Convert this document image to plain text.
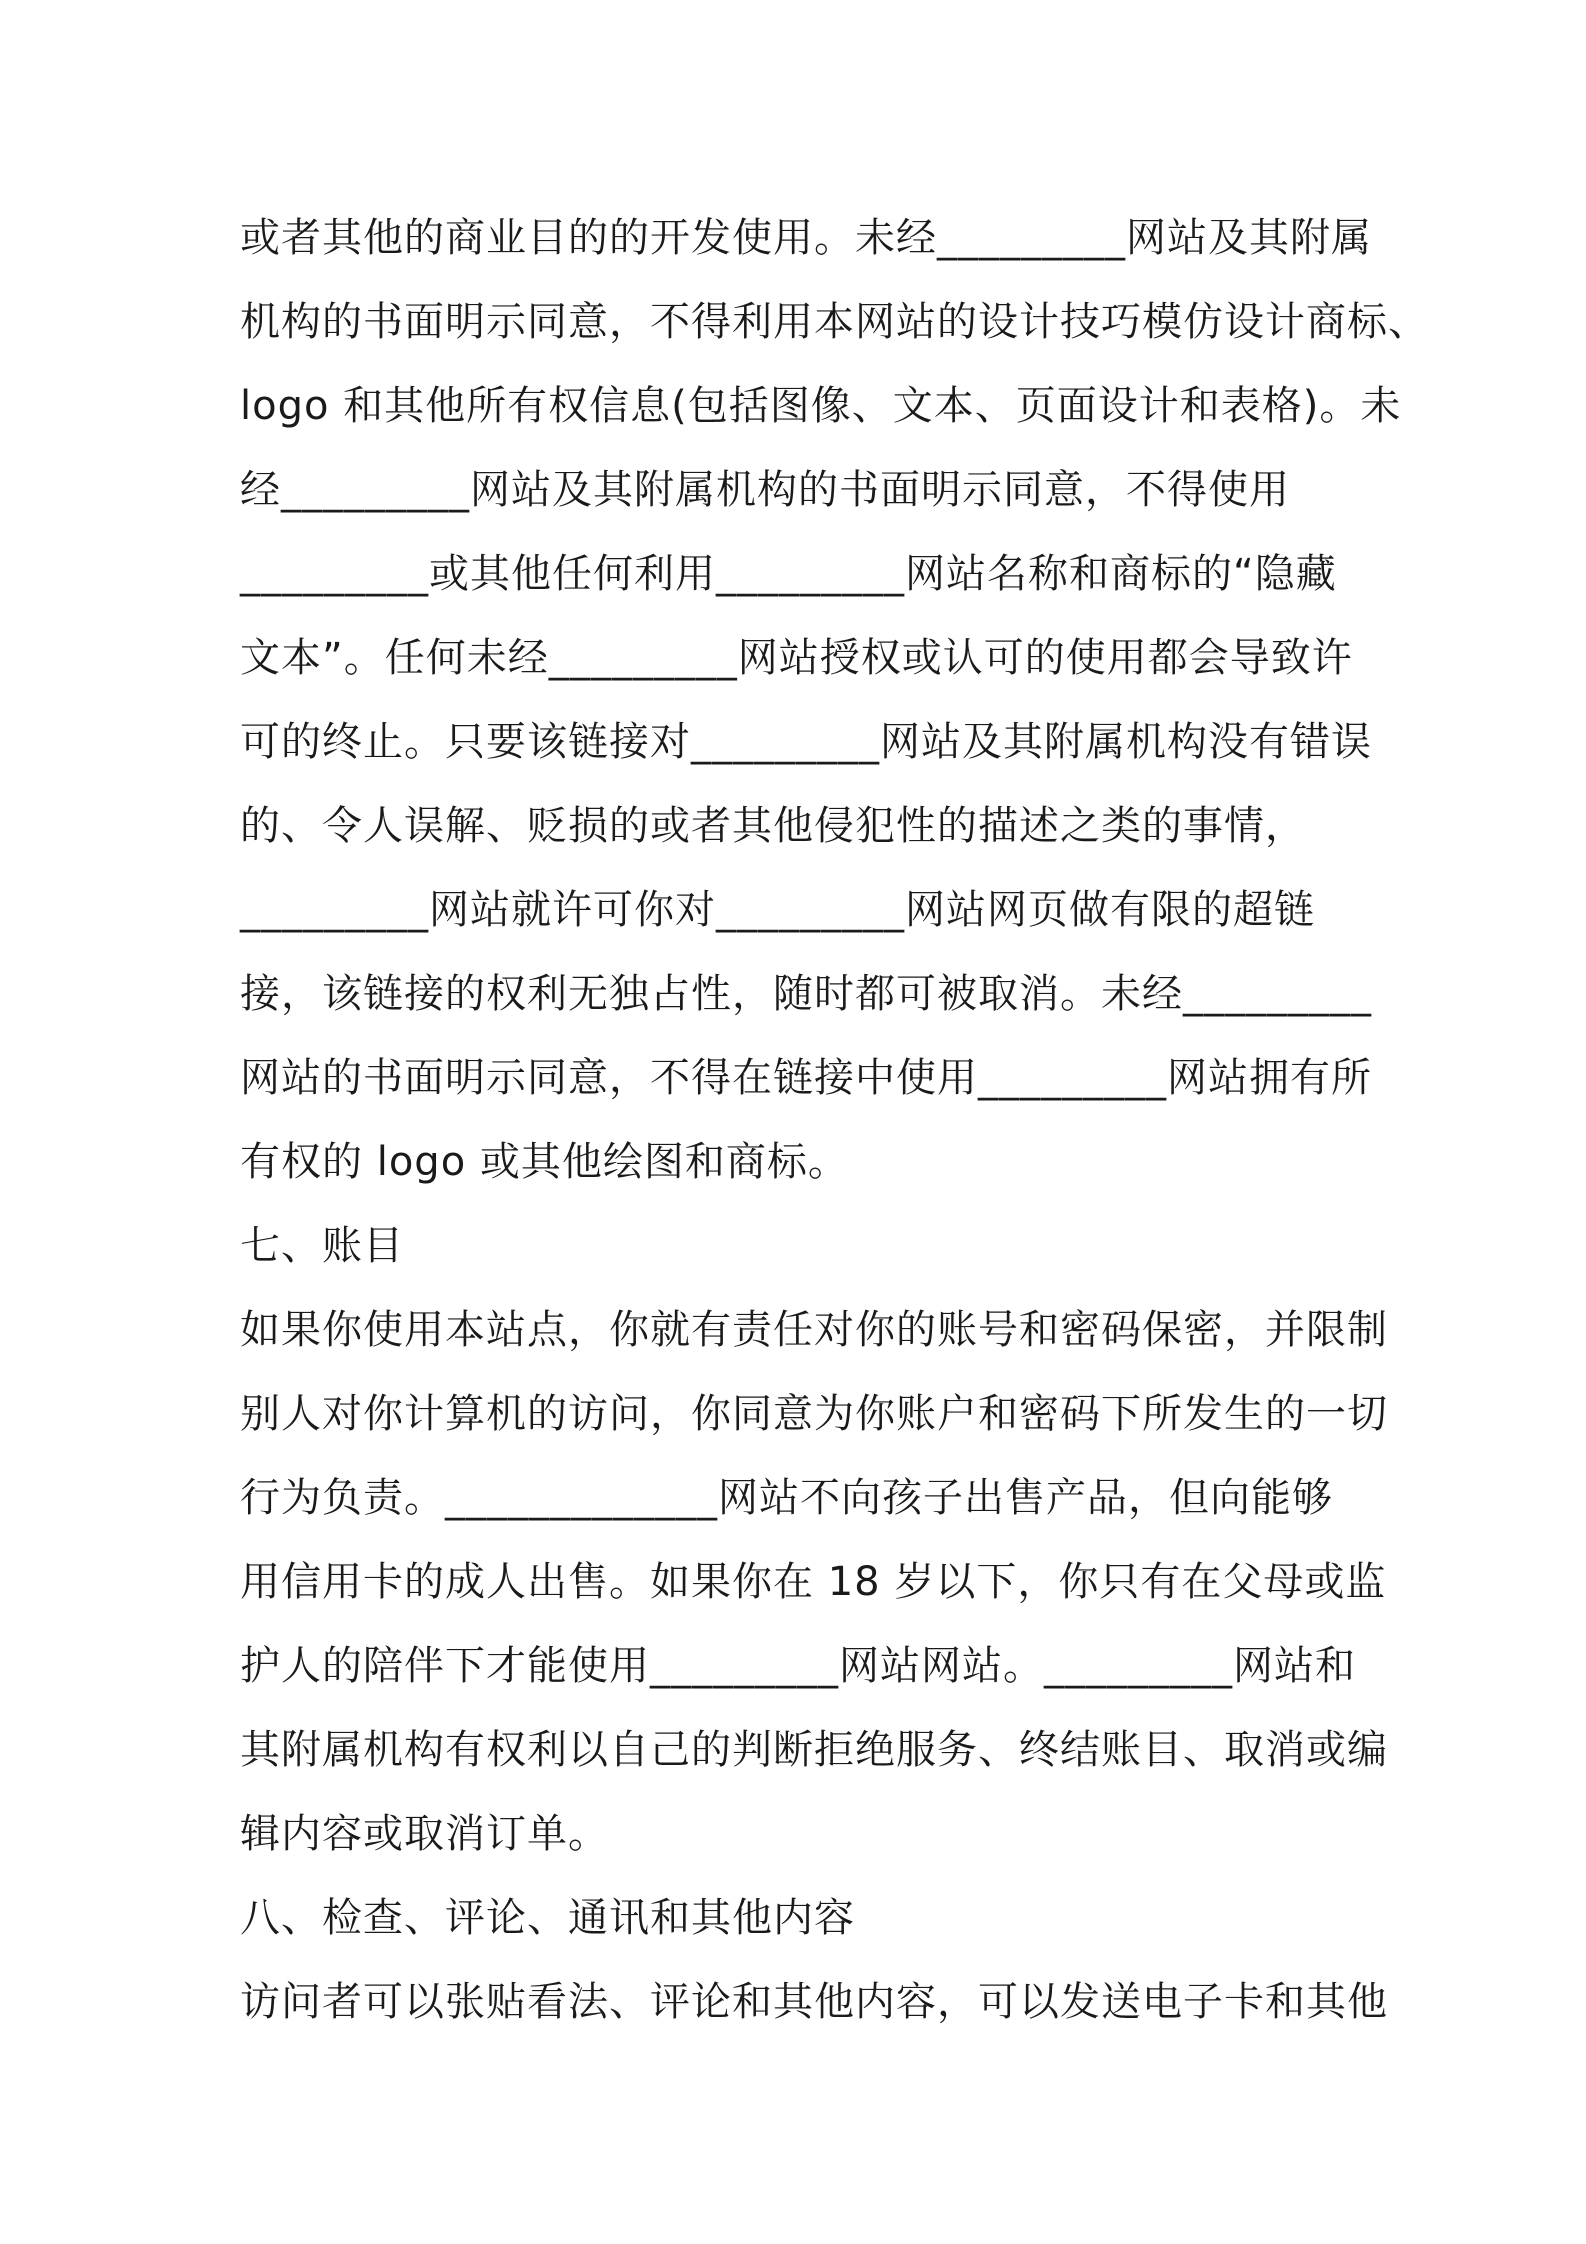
或者其他的商业目的的开发使用。未经_________网站及其附属
机构的书面明示同意，不得利用本网站的设计技巧模仿设计商标、
logo 和其他所有权信息(包括图像、文本、页面设计和表格)。未
经_________网站及其附属机构的书面明示同意，不得使用
_________或其他任何利用_________网站名称和商标的“隐藏
文本”。任何未经_________网站授权或认可的使用都会导致许
可的终止。只要该链接对_________网站及其附属机构没有错误
的、令人误解、贬损的或者其他侵犯性的描述之类的事情，
_________网站就许可你对_________网站网页做有限的超链
接，该链接的权利无独占性，随时都可被取消。未经_________
网站的书面明示同意，不得在链接中使用_________网站拥有所
有权的 logo 或其他绘图和商标。
七、账目
如果你使用本站点，你就有责任对你的账号和密码保密，并限制
别人对你计算机的访问，你同意为你账户和密码下所发生的一切
行为负责。_____________网站不向孩子出售产品，但向能够
用信用卡的成人出售。如果你在 18 岁以下，你只有在父母或监
护人的陪伴下才能使用_________网站网站。_________网站和
其附属机构有权利以自己的判断拒绝服务、终结账目、取消或编
辑内容或取消订单。
八、检查、评论、通讯和其他内容
访问者可以张贴看法、评论和其他内容，可以发送电子卡和其他
